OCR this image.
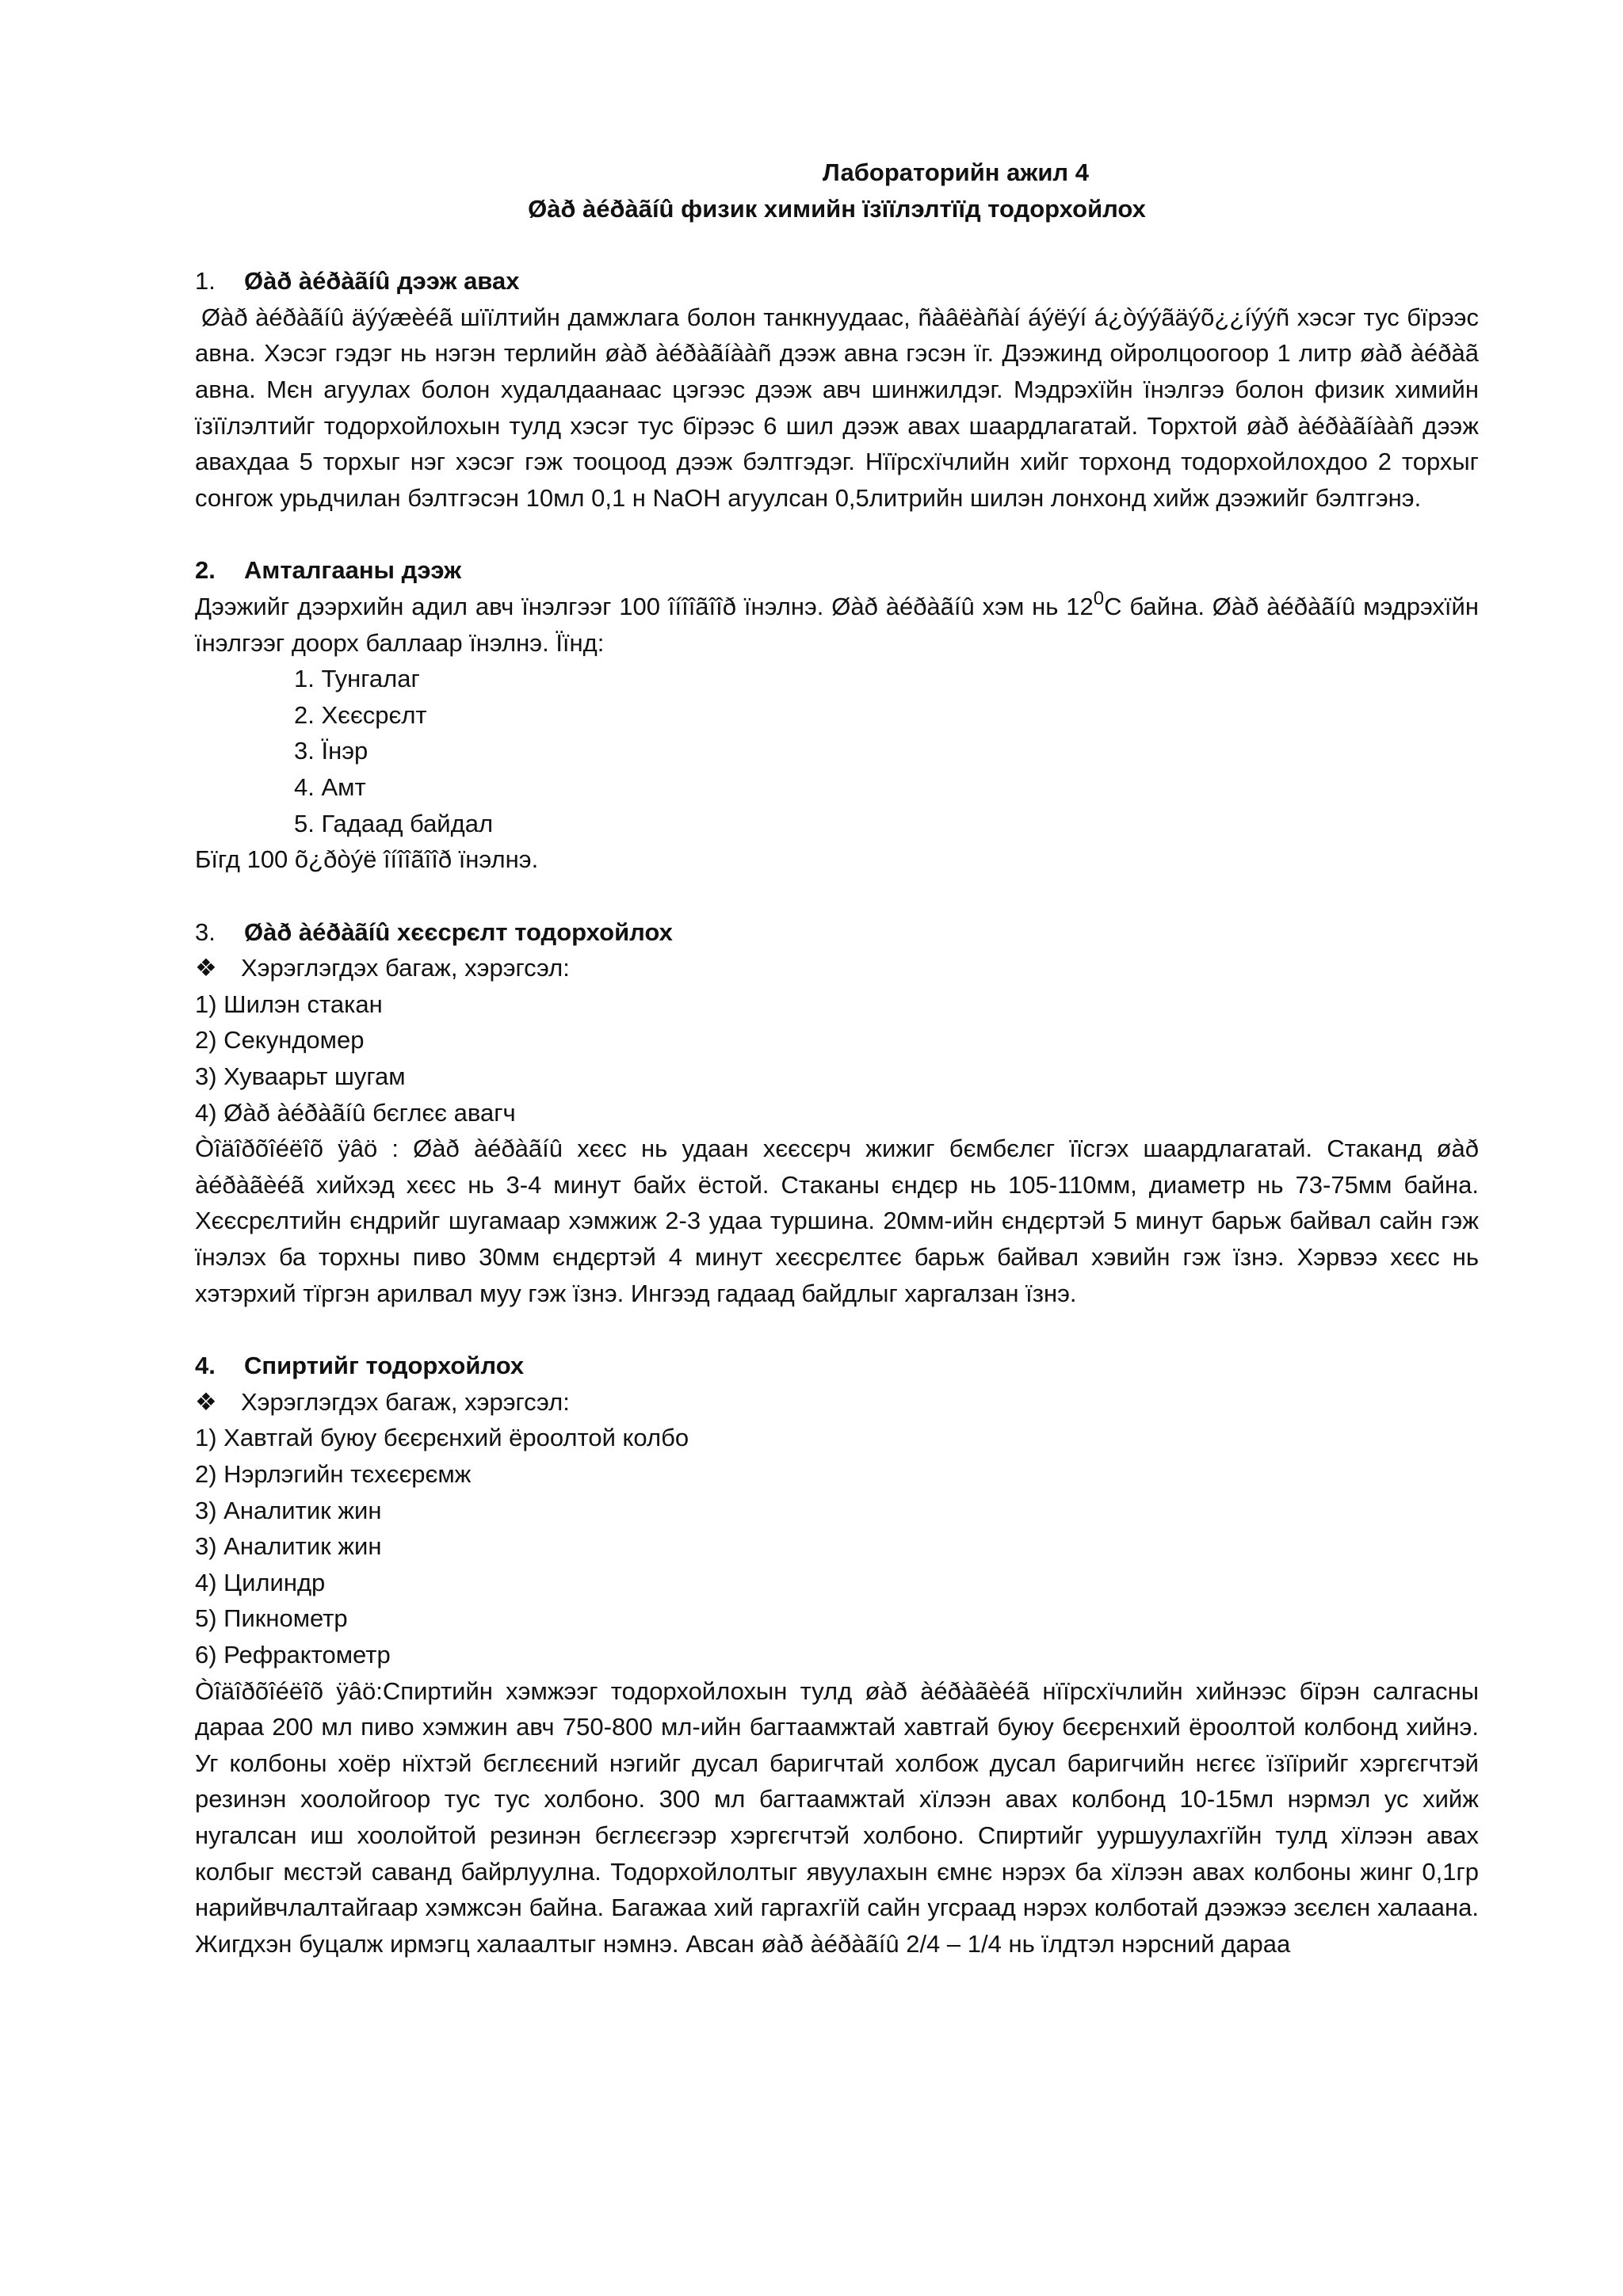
Лабораторийн ажил 4
Øàð àéðàãíû физик химийн ïзïïлэлтïïд тодорхойлох
1. Øàð àéðàãíû дээж авах
Øàð àéðàãíû äýýæèéã шïïлтийн дамжлага болон танкнуудаас, ñàâëàñàí áýëýí á¿òýýãäýõ¿¿íýýñ хэсэг тус бїрээс авна. Хэсэг гэдэг нь нэгэн терлийн øàð àéðàãíààñ дээж авна гэсэн їг. Дээжинд ойролцоогоор 1 литр øàð àéðàã авна. Мєн агуулах болон худалдаанаас цэгээс дээж авч шинжилдэг. Мэдрэхїйн їнэлгээ болон физик химийн їзїїлэлтийг тодорхойлохын тулд хэсэг тус бїрээс 6 шил дээж авах шаардлагатай. Торхтой øàð àéðàãíààñ дээж авахдаа 5 торхыг нэг хэсэг гэж тооцоод дээж бэлтгэдэг. Нїïрсхїчлийн хийг торхонд тодорхойлохдоо 2 торхыг сонгож урьдчилан бэлтгэсэн 10мл 0,1 н NaOH агуулсан 0,5литрийн шилэн лонхонд хийж дээжийг бэлтгэнэ.
2. Амталгааны дээж
Дээжийг дээрхийн адил авч їнэлгээг 100 îíîîãîîð їнэлнэ. Øàð àéðàãíû хэм нь $12^0С$ байна. Øàð àéðàãíû мэдрэхїйн їнэлгээг доорх баллаар їнэлнэ. Їїнд:
1. Тунгалаг
2. Хєєсрєлт
3. Їнэр
4. Амт
5. Гадаад байдал
Бїгд 100 õ¿ðòýë îíîîãîîð їнэлнэ.
3. Øàð àéðàãíû хєєсрєлт тодорхойлох
❖ Хэрэглэгдэх багаж, хэрэгсэл:
1) Шилэн стакан
2) Секундомер
3) Хуваарьт шугам
4) Øàð àéðàãíû бєглєє авагч
Òîäîðõîéëîõ ÿâö : Øàð àéðàãíû хєєс нь удаан хєєсєрч жижиг бємбєлєг їїсгэх шаардлагатай. Стаканд øàð àéðàãèéã хийхэд хєєс нь 3-4 минут байх ёстой. Стаканы єндєр нь 105-110мм, диаметр нь 73-75мм байна. Хєєсрєлтийн єндрийг шугамаар хэмжиж 2-3 удаа туршина. 20мм-ийн єндєртэй 5 минут барьж байвал сайн гэж їнэлэх ба торхны пиво 30мм єндєртэй 4 минут хєєсрєлтєє барьж байвал хэвийн гэж їзнэ. Хэрвээ хєєс нь хэтэрхий тїргэн арилвал муу гэж їзнэ. Ингээд гадаад байдлыг харгалзан їзнэ.
4. Спиртийг тодорхойлох
❖ Хэрэглэгдэх багаж, хэрэгсэл:
1) Хавтгай буюу бєєрєнхий ёроолтой колбо
2) Нэрлэгийн тєхєєрємж
3) Аналитик жин
3) Аналитик жин
4) Цилиндр
5) Пикнометр
6) Рефрактометр
Òîäîðõîéëîõ ÿâö:Спиртийн хэмжээг тодорхойлохын тулд øàð àéðàãèéã нїïрсхїчлийн хийнээс бїрэн салгасны дараа 200 мл пиво хэмжин авч 750-800 мл-ийн багтаамжтай хавтгай буюу бєєрєнхий ёроолтой колбонд хийнэ. Уг колбоны хоёр нїхтэй бєглєєний нэгийг дусал баригчтай холбож дусал баригчийн нєгєє їзїїрийг хэргєгчтэй резинэн хоолойгоор тус тус холбоно. 300 мл багтаамжтай хїлээн авах колбонд 10-15мл нэрмэл ус хийж нугалсан иш хоолойтой резинэн бєглєєгээр хэргєгчтэй холбоно. Спиртийг ууршуулахгїйн тулд хїлээн авах колбыг мєстэй саванд байрлуулна. Тодорхойлолтыг явуулахын ємнє нэрэх ба хїлээн авах колбоны жинг 0,1гр нарийвчлалтайгаар хэмжсэн байна. Багажаа хий гаргахгїй сайн угсраад нэрэх колботай дээжээ зєєлєн халаана. Жигдхэн буцалж ирмэгц халаалтыг нэмнэ. Авсан øàð àéðàãíû 2/4 – 1/4 нь їлдтэл нэрсний дараа
